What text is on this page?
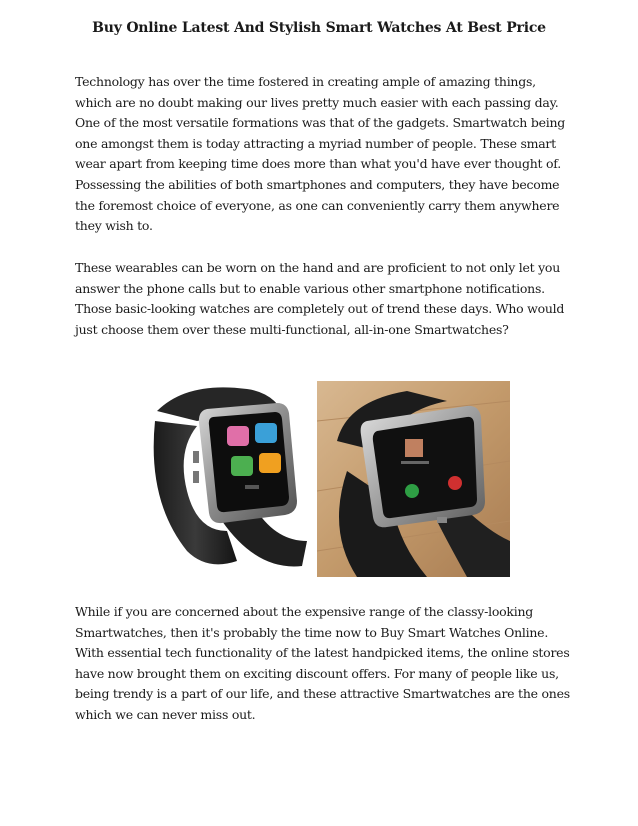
Buy Online Latest And Stylish Smart Watches At Best Price

Technology has over the time fostered in creating ample of amazing things, which are no doubt making our lives pretty much easier with each passing day. One of the most versatile formations was that of the gadgets. Smartwatch being one amongst them is today attracting a myriad number of people. These smart wear apart from keeping time does more than what you'd have ever thought of. Possessing the abilities of both smartphones and computers, they have become the foremost choice of everyone, as one can conveniently carry them anywhere they wish to.

These wearables can be worn on the hand and are proficient to not only let you answer the phone calls but to enable various other smartphone notifications. Those basic-looking watches are completely out of trend these days. Who would just choose them over these multi-functional, all-in-one Smartwatches?

While if you are concerned about the expensive range of the classy-looking Smartwatches, then it's probably the time now to Buy Smart Watches Online. With essential tech functionality of the latest handpicked items, the online stores have now brought them on exciting discount offers. For many of people like us, being trendy is a part of our life, and these attractive Smartwatches are the ones which we can never miss out.
